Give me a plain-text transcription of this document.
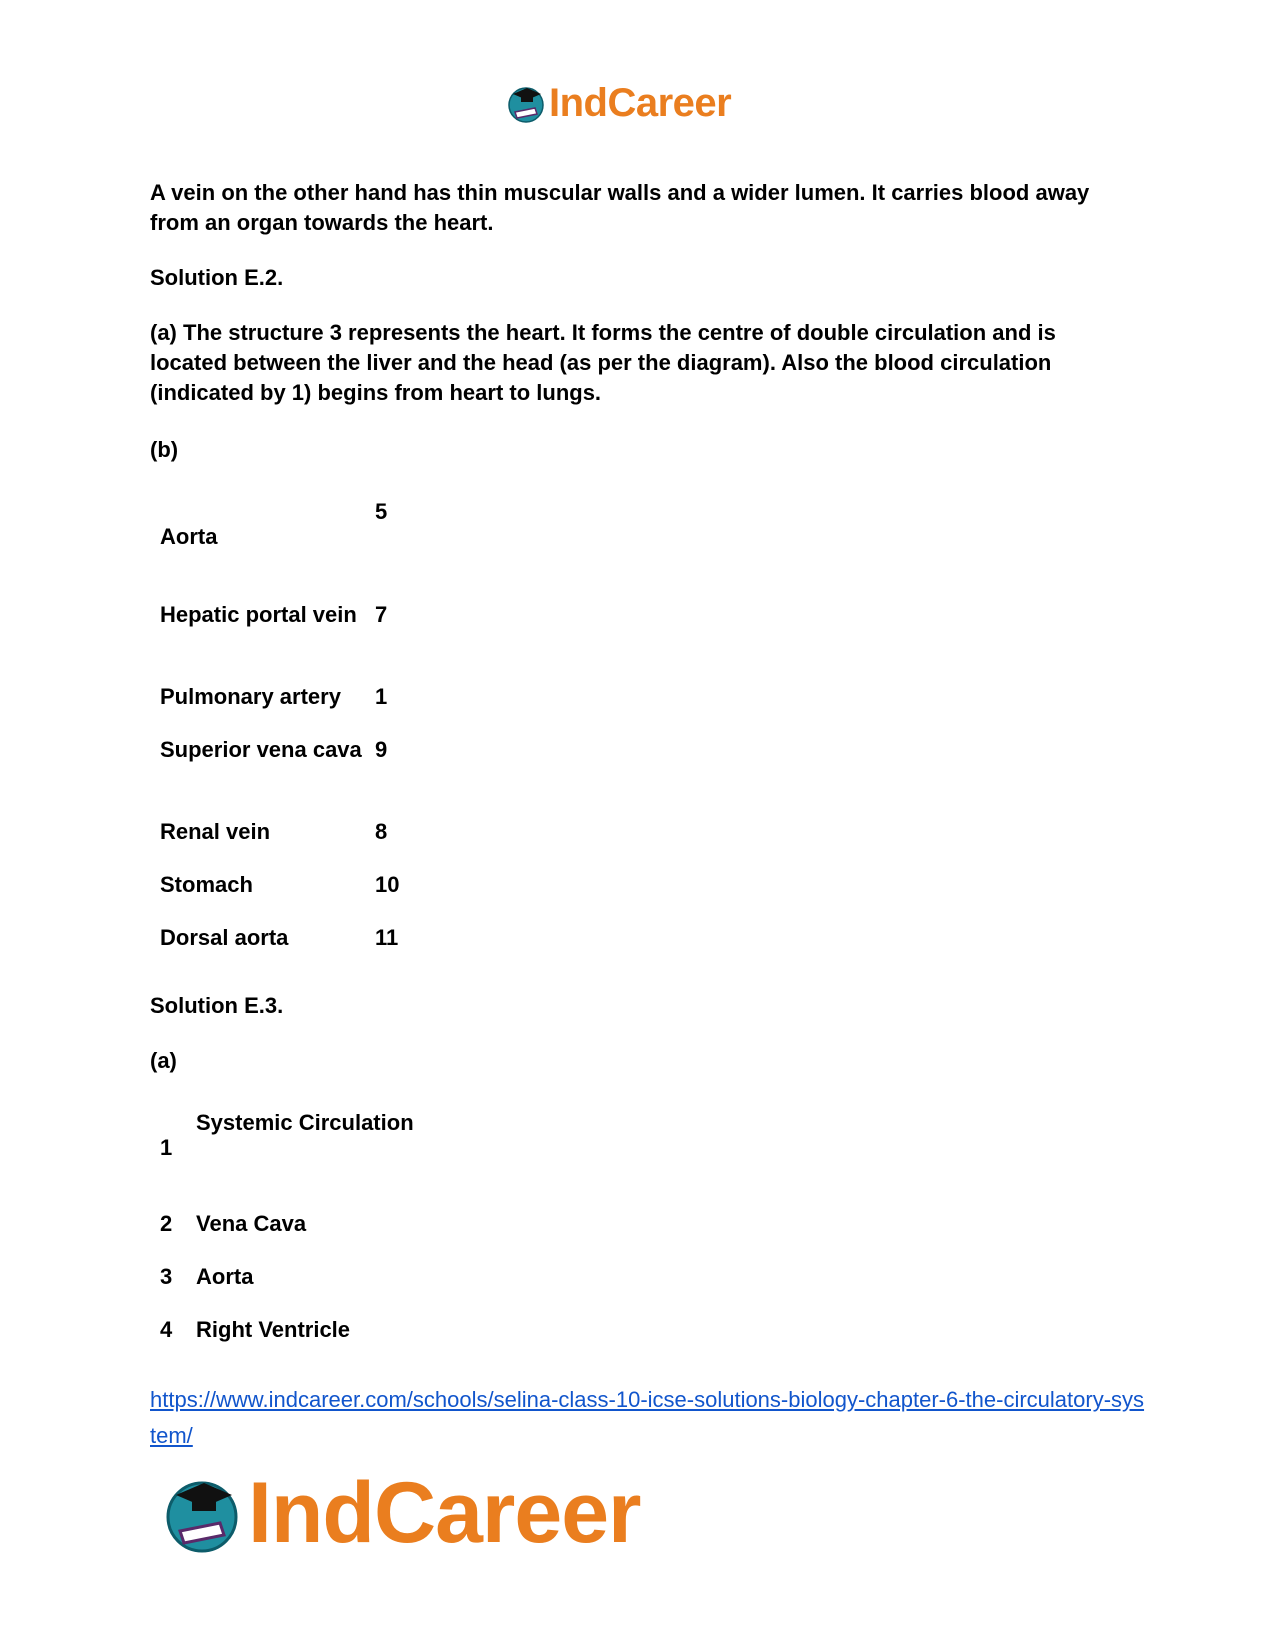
IndCareer

A vein on the other hand has thin muscular walls and a wider lumen. It carries blood away from an organ towards the heart.

Solution E.2.

(a) The structure 3 represents the heart. It forms the centre of double circulation and is located between the liver and the head (as per the diagram). Also the blood circulation (indicated by 1) begins from heart to lungs.

(b)

Aorta	5
Hepatic portal vein	7
Pulmonary artery	1
Superior vena cava	9
Renal vein	8
Stomach	10
Dorsal aorta	11

Solution E.3.

(a)

1	Systemic Circulation
2	Vena Cava
3	Aorta
4	Right Ventricle
https://www.indcareer.com/schools/selina-class-10-icse-solutions-biology-chapter-6-the-circulatory-system/
IndCareer
